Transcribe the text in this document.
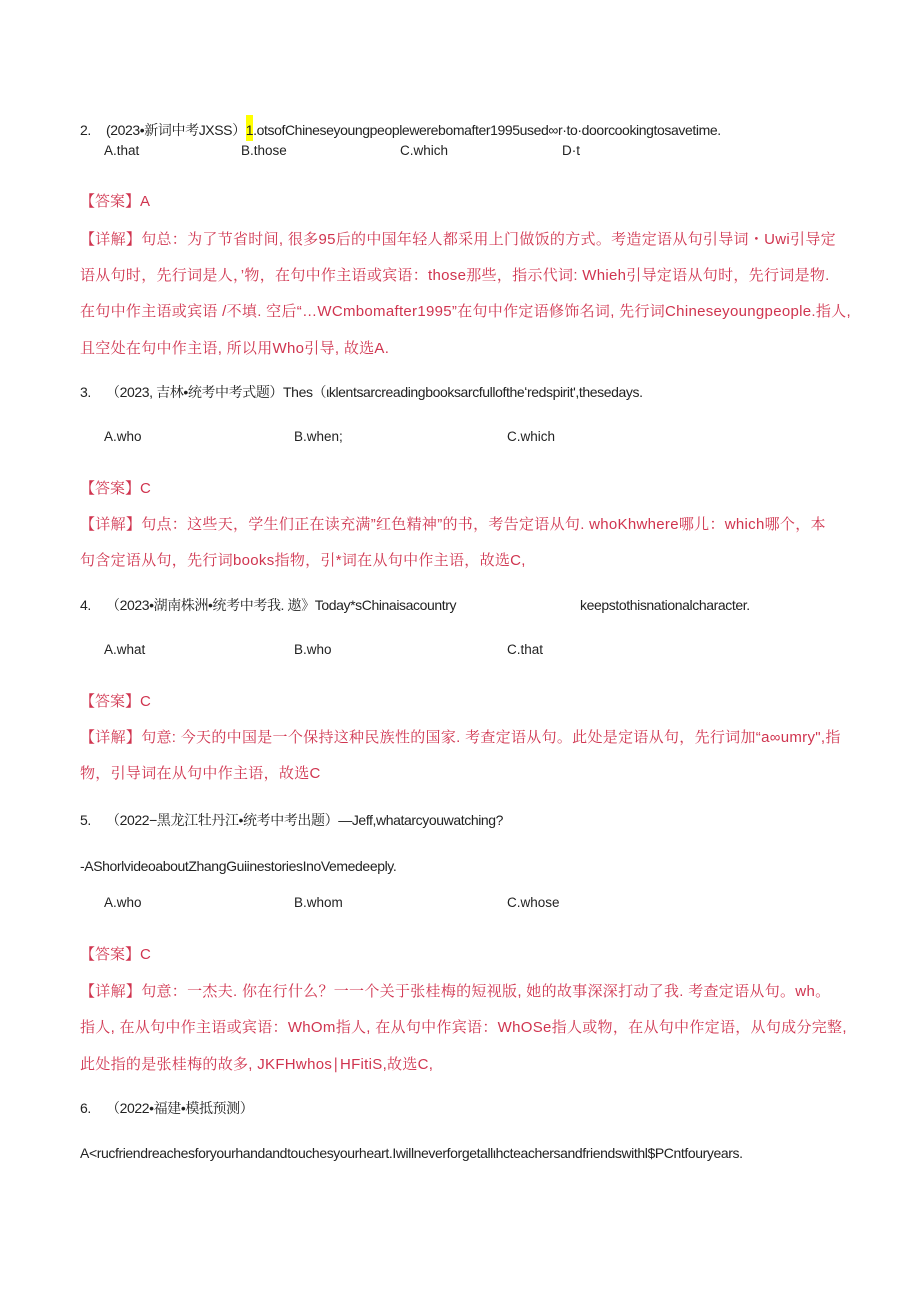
2. (2023•新词中考JXSS）1.otsofChineseyoungpeoplewerebomafter1995used∞r·to·doorcookingtosavetime.
A.that	B.those	C.which	D·t
【答案】A
【详解】句总：为了节省时间, 很多95后的中国年轻人都采用上门做饭的方式。考造定语从句引导词・Uwi引导定
语从句时，先行词是人，’物，在句中作主语或宾语：those那些，指示代词: Whieh引导定语从句时，先行词是物.
在句中作主语或宾语 /不填. 空后“…WCmbomafter1995”在句中作定语修饰名词, 先行词Chineseyoungpeople.指人,
且空处在句中作主语, 所以用Who引导, 故选A.
3. （2023, 吉林•统考中考式题）Thes（ιklentsarcreadingbooksarcfulloftheʻredspirit',thesedays.
A.who	B.when;	C.which
【答案】C
【详解】句点：这些天，学生们正在读充满”红色精神”的书，考告定语从句. whoKhwhere哪儿：which哪个，本
句含定语从句，先行词books指物，引*词在从句中作主语，故选C,
4. （2023•湖南株洲•统考中考我. 遨》Today*sChinaisacountry	keepstothisnationalcharacter.
A.what	B.who	C.that
【答案】C
【详解】句意: 今天的中国是一个保持这种民族性的国家. 考查定语从句。此处是定语从句，先行词加“a∞umry",指
物，引导词在从句中作主语，故选C
5. （2022−黑龙江牡丹江•统考中考出题）—Jeff,whatarcyouwatching?
-AShorlvideoaboutZhangGuiinestoriesInoVemedeeply.
A.who	B.whom	C.whose
【答案】C
【详解】句意：一杰夫. 你在行什么？一一个关于张桂梅的短视版, 她的故事深深打动了我. 考查定语从句。wh。
指人, 在从句中作主语或宾语：WhOm指人, 在从句中作宾语：WhOSe指人或物，在从句中作定语，从句成分完整,
此处指的是张桂梅的故多, JKFHwhos∣HFitiS,故选C,
6. （2022•福建•模抵预测）
A<rucfriendreachesforyourhandandtouchesyourheart.Iwillneverforgetallιhcteachersandfriendswithl$PCntfouryears.
